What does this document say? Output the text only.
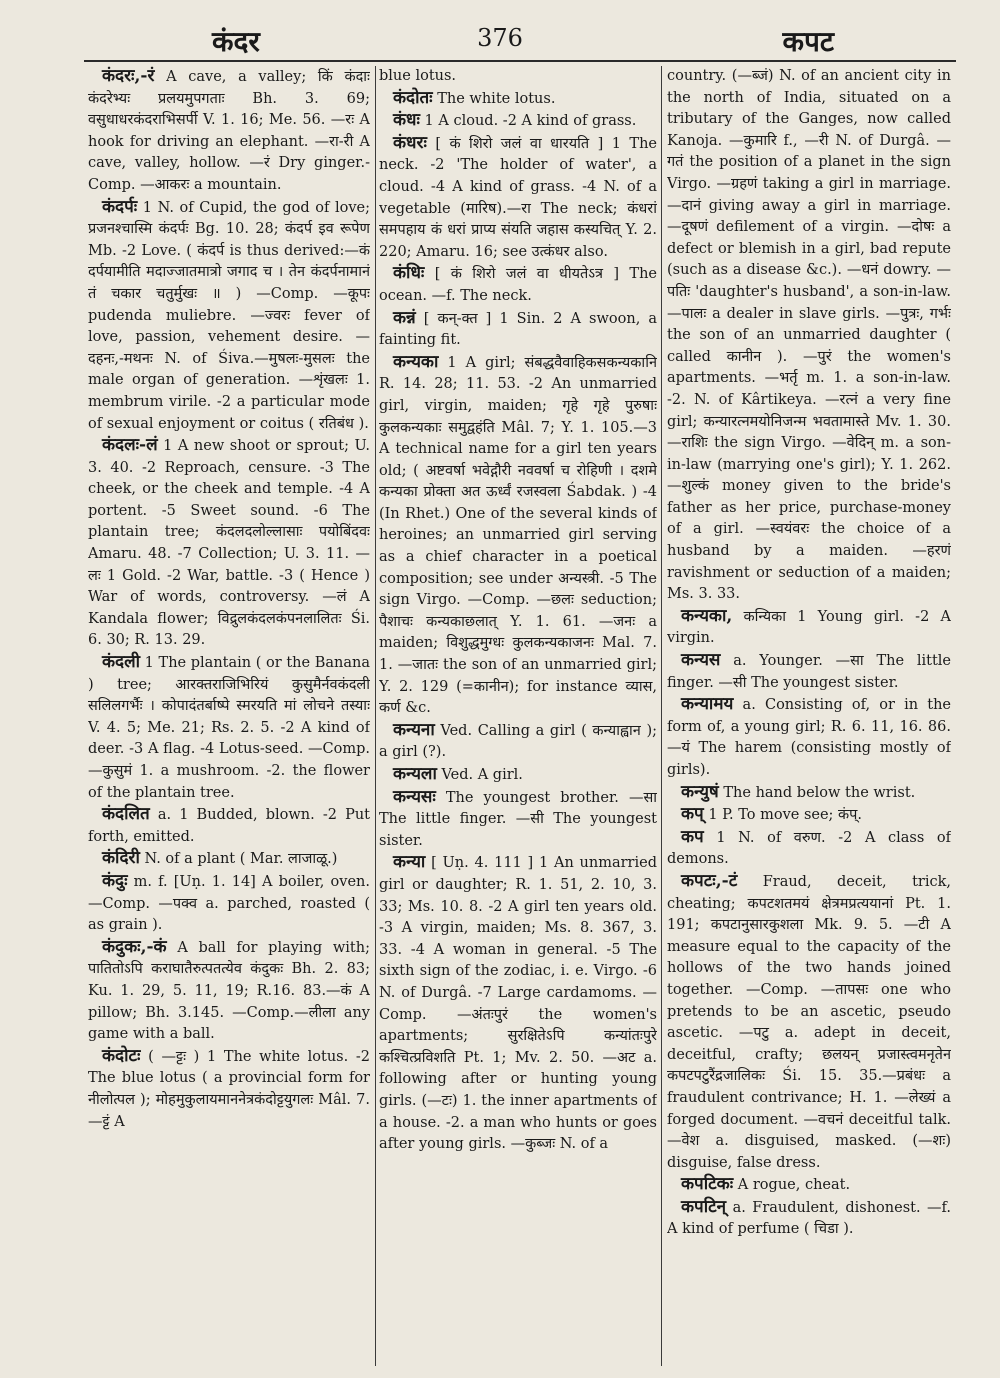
कंदर	376	कपट

कंदरः,-रं A cave, a valley; किं कंदाः कंदरेभ्यः प्रलयमुपगताः Bh. 3. 69; वसुधाधरकंदराभिसर्पी V. 1. 16; Me. 56. —रः A hook for driving an elephant. —रा-री A cave, valley, hollow. —रं Dry ginger.-Comp. —आकरः a mountain.

कंदर्पः 1 N. of Cupid, the god of love; प्रजनश्चास्मि कंदर्पः Bg. 10. 28; कंदर्प इव रूपेण Mb. -2 Love. ( कंदर्प is thus derived:—कं दर्पयामीति मदाज्जातमात्रो जगाद च । तेन कंदर्पनामानं तं चकार चतुर्मुखः ॥ ) —Comp. —कूपः pudenda muliebre. —ज्वरः fever of love, passion, vehement desire. —दहनः,-मथनः N. of Śiva.—मुषलः-मुसलः the male organ of generation. —शृंखलः 1. membrum virile. -2 a particular mode of sexual enjoyment or coitus ( रतिबंध ).

कंदलः-लं 1 A new shoot or sprout; U. 3. 40. -2 Reproach, censure. -3 The cheek, or the cheek and temple. -4 A portent. -5 Sweet sound. -6 The plantain tree; कंदलदलोल्लासाः पयोबिंदवः Amaru. 48. -7 Collection; U. 3. 11. —लः 1 Gold. -2 War, battle. -3 ( Hence ) War of words, controversy. —लं A Kandala flower; विद्रुलकंदलकंपनलालितः Śi. 6. 30; R. 13. 29.

कंदली 1 The plantain ( or the Banana ) tree; आरक्तराजिभिरियं कुसुमैर्नवकंदली सलिलगर्भैः । कोपादंतर्बाष्पे स्मरयति मां लोचने तस्याः V. 4. 5; Me. 21; Rs. 2. 5. -2 A kind of deer. -3 A flag. -4 Lotus-seed. —Comp. —कुसुमं 1. a mushroom. -2. the flower of the plantain tree.

कंदलित a. 1 Budded, blown. -2 Put forth, emitted.

कंदिरी N. of a plant ( Mar. लाजाळू.)

कंदुः m. f. [Uṇ. 1. 14] A boiler, oven. —Comp. —पक्व a. parched, roasted ( as grain ).

कंदुकः,-कं A ball for playing with; पातितोऽपि कराघातैरुत्पतत्येव कंदुकः Bh. 2. 83; Ku. 1. 29, 5. 11, 19; R.16. 83.—कं A pillow; Bh. 3.145. —Comp.—लीला any game with a ball.

कंदोटः ( —ट्टः ) 1 The white lotus. -2 The blue lotus ( a provincial form for नीलोत्पल ); मोहमुकुलायमाननेत्रकंदोट्टयुगलः Mâl. 7. —ट्टं A

blue lotus.

कंदोतः The white lotus.

कंधः 1 A cloud. -2 A kind of grass.

कंधरः [ कं शिरो जलं वा धारयति ] 1 The neck. -2 'The holder of water', a cloud. -4 A kind of grass. -4 N. of a vegetable (मारिष).—रा The neck; कंधरां समपहाय कं धरां प्राप्य संयति जहास कस्यचित् Y. 2. 220; Amaru. 16; see उत्कंधर also.

कंधिः [ कं शिरो जलं वा धीयतेऽत्र ] The ocean. —f. The neck.

कन्नं [ कन्-क्त ] 1 Sin. 2 A swoon, a fainting fit.

कन्यका 1 A girl; संबद्धवैवाहिकसकन्यकानि R. 14. 28; 11. 53. -2 An unmarried girl, virgin, maiden; गृहे गृहे पुरुषाः कुलकन्यकाः समुद्वहंति Mâl. 7; Y. 1. 105.—3 A technical name for a girl ten years old; ( अष्टवर्षा भवेद्गौरी नववर्षा च रोहिणी । दशमे कन्यका प्रोक्ता अत ऊर्ध्वं रजस्वला Śabdak. ) -4 (In Rhet.) One of the several kinds of heroines; an unmarried girl serving as a chief character in a poetical composition; see under अन्यस्त्री. -5 The sign Virgo. —Comp. —छलः seduction; पैशाचः कन्यकाछलात् Y. 1. 61. —जनः a maiden; विशुद्धमुग्धः कुलकन्यकाजनः Mal. 7. 1. —जातः the son of an unmarried girl; Y. 2. 129 (=कानीन); for instance व्यास, कर्ण &c.

कन्यना Ved. Calling a girl ( कन्याह्वान ); a girl (?).

कन्यला Ved. A girl.

कन्यसः The youngest brother. —सा The little finger. —सी The youngest sister.

कन्या [ Uṇ. 4. 111 ] 1 An unmarried girl or daughter; R. 1. 51, 2. 10, 3. 33; Ms. 10. 8. -2 A girl ten years old. -3 A virgin, maiden; Ms. 8. 367, 3. 33. -4 A woman in general. -5 The sixth sign of the zodiac, i. e. Virgo. -6 N. of Durgâ. -7 Large cardamoms. —Comp. —अंतःपुरं the women's apartments; सुरक्षितेऽपि कन्यांतःपुरे कश्चित्प्रविशति Pt. 1; Mv. 2. 50. —अट a. following after or hunting young girls. (—टः) 1. the inner apartments of a house. -2. a man who hunts or goes after young girls. —कुब्जः N. of a

country. (—ब्जं) N. of an ancient city in the north of India, situated on a tributary of the Ganges, now called Kanoja. —कुमारि f., —री N. of Durgâ. —गतं the position of a planet in the sign Virgo. —ग्रहणं taking a girl in marriage. —दानं giving away a girl in marriage. —दूषणं defilement of a virgin. —दोषः a defect or blemish in a girl, bad repute (such as a disease &c.). —धनं dowry. —पतिः 'daughter's husband', a son-in-law. —पालः a dealer in slave girls. —पुत्रः, गर्भः the son of an unmarried daughter ( called कानीन ). —पुरं the women's apartments. —भर्तृ m. 1. a son-in-law. -2. N. of Kârtikeya. —रत्नं a very fine girl; कन्यारत्नमयोनिजन्म भवतामास्ते Mv. 1. 30. —राशिः the sign Virgo. —वेदिन् m. a son-in-law (marrying one's girl); Y. 1. 262. —शुल्कं money given to the bride's father as her price, purchase-money of a girl. —स्वयंवरः the choice of a husband by a maiden. —हरणं ravishment or seduction of a maiden; Ms. 3. 33.

कन्यका, कन्यिका 1 Young girl. -2 A virgin.

कन्यस a. Younger. —सा The little finger. —सी The youngest sister.

कन्यामय a. Consisting of, or in the form of, a young girl; R. 6. 11, 16. 86. —यं The harem (consisting mostly of girls).

कन्युषं The hand below the wrist.

कप् 1 P. To move see; कंप्.

कप 1 N. of वरुण. -2 A class of demons.

कपटः,-टं Fraud, deceit, trick, cheating; कपटशतमयं क्षेत्रमप्रत्ययानां Pt. 1. 191; कपटानुसारकुशला Mk. 9. 5. —टी A measure equal to the capacity of the hollows of the two hands joined together. —Comp. —तापसः one who pretends to be an ascetic, pseudo ascetic. —पटु a. adept in deceit, deceitful, crafty; छलयन् प्रजास्त्वमनृतेन कपटपटुरैंद्रजालिकः Śi. 15. 35.—प्रबंधः a fraudulent contrivance; H. 1. —लेख्यं a forged document. —वचनं deceitful talk. —वेश a. disguised, masked. (—शः) disguise, false dress.

कपटिकः A rogue, cheat.

कपटिन् a. Fraudulent, dishonest. —f. A kind of perfume ( चिडा ).
